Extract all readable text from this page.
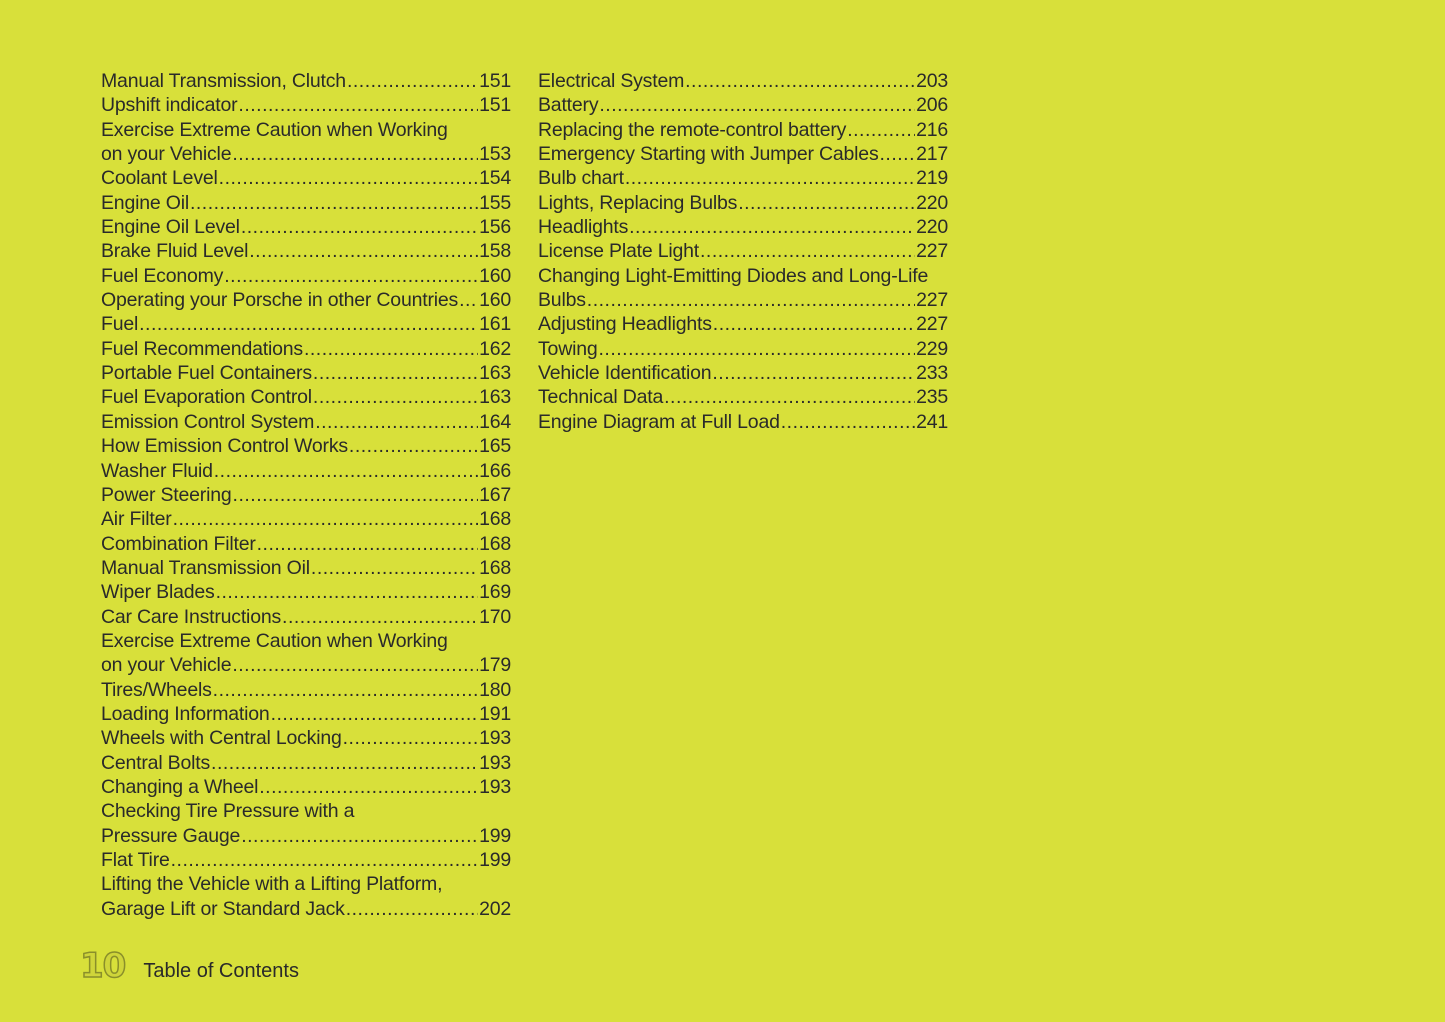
Manual Transmission, Clutch .....	151
Upshift indicator .....	151
Exercise Extreme Caution when Working
on your Vehicle .....	153
Coolant Level .....	154
Engine Oil .....	155
Engine Oil Level .....	156
Brake Fluid Level .....	158
Fuel Economy .....	160
Operating your Porsche in other Countries ..... 160
Fuel .....	161
Fuel Recommendations .....	162
Portable Fuel Containers .....	163
Fuel Evaporation Control .....	163
Emission Control System .....	164
How Emission Control Works .....	165
Washer Fluid .....	166
Power Steering .....	167
Air Filter .....	168
Combination Filter .....	168
Manual Transmission Oil .....	168
Wiper Blades .....	169
Car Care Instructions .....	170
Exercise Extreme Caution when Working
on your Vehicle .....	179
Tires/Wheels .....	180
Loading Information .....	191
Wheels with Central Locking .....	193
Central Bolts .....	193
Changing a Wheel .....	193
Checking Tire Pressure with a
Pressure Gauge .....	199
Flat Tire .....	199
Lifting the Vehicle with a Lifting Platform,
Garage Lift or Standard Jack .....	202
Electrical System .....	203
Battery .....	206
Replacing the remote-control battery .....	216
Emergency Starting with Jumper Cables ..... 217
Bulb chart .....	219
Lights, Replacing Bulbs .....	220
Headlights .....	220
License Plate Light .....	227
Changing Light-Emitting Diodes and Long-Life
Bulbs .....	227
Adjusting Headlights .....	227
Towing .....	229
Vehicle Identification .....	233
Technical Data .....	235
Engine Diagram at Full Load .....	241
10 Table of Contents
